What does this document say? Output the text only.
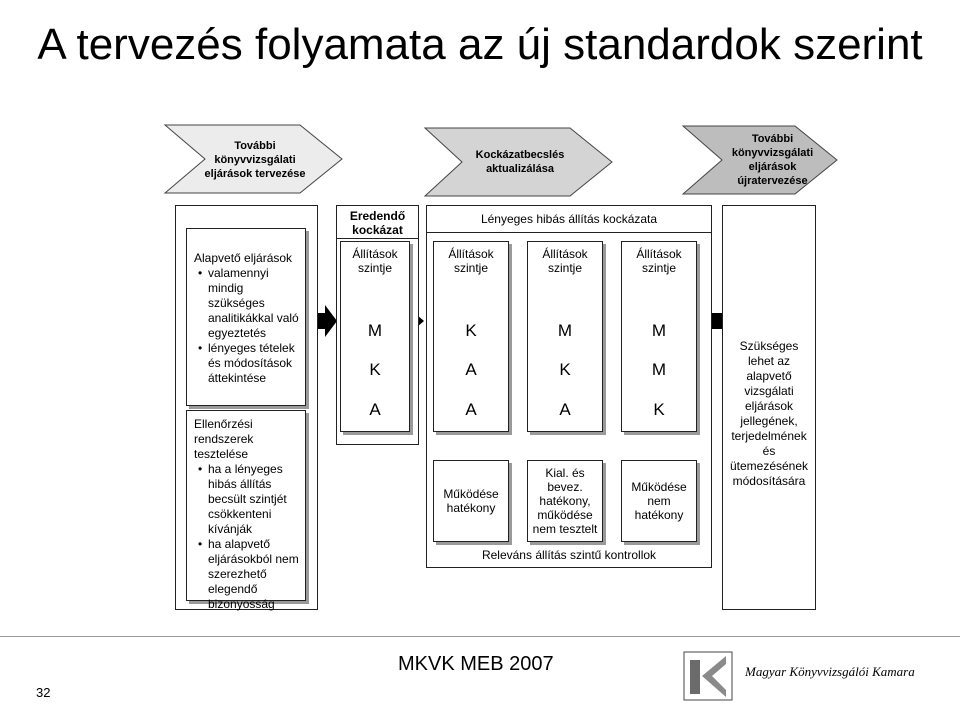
A tervezés folyamata az új standardok szerint
További
könyvvizsgálati
eljárások tervezése
Kockázatbecslés
aktualizálása
További
könyvvizsgálati
eljárások
újratervezése
Alapvető eljárások
• valamennyi mindig szükséges analitikákkal való egyeztetés
• lényeges tételek és módosítások áttekintése
Ellenőrzési rendszerek tesztelése
• ha a lényeges hibás állítás becsült szintjét csökkenteni kívánják
• ha alapvető eljárásokból nem szerezhető elegendő bizonyosság
Eredendő kockázat
Lényeges hibás állítás kockázata
Állítások szintje
M
K
A
Állítások szintje
K
A
A
Állítások szintje
M
K
A
Állítások szintje
M
M
K
Működése hatékony
Kial. és bevez. hatékony, működése nem tesztelt
Működése nem hatékony
Releváns állítás szintű kontrollok
Szükséges lehet az alapvető vizsgálati eljárások jellegének, terjedelmének és ütemezésének módosítására
MKVK MEB 2007	Magyar Könyvvizsgálói Kamara
32
